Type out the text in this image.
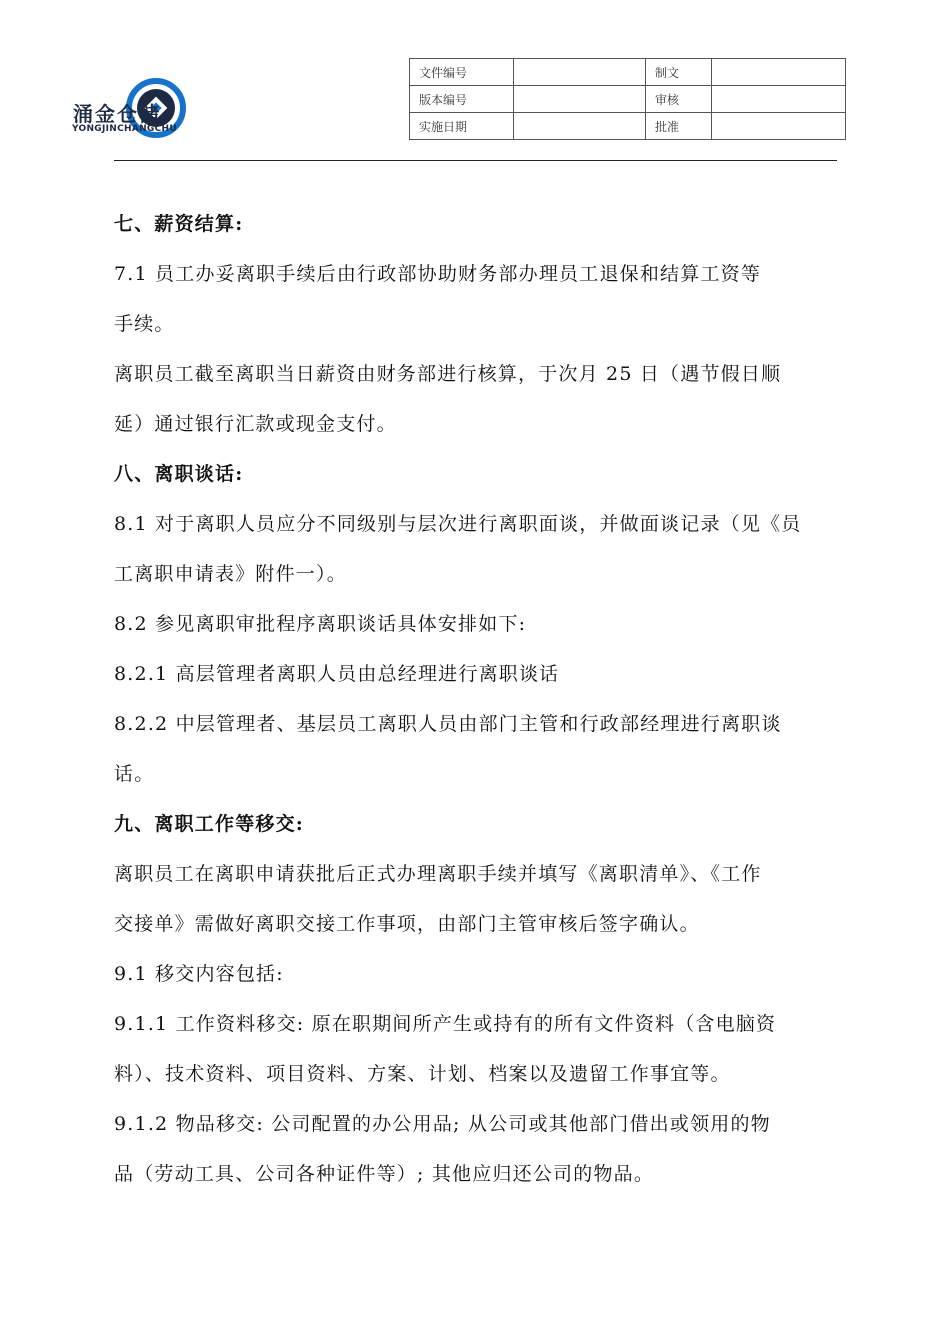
涌金仓储
YONGJINCHANGCHU
文件编号		制文	
版本编号		审核	
实施日期		批准	

七、薪资结算:

7.1 员工办妥离职手续后由行政部协助财务部办理员工退保和结算工资等

手续。

离职员工截至离职当日薪资由财务部进行核算，于次月 25 日（遇节假日顺

延）通过银行汇款或现金支付。

八、离职谈话:

8.1 对于离职人员应分不同级别与层次进行离职面谈，并做面谈记录（见《员

工离职申请表》附件一）。

8.2 参见离职审批程序离职谈话具体安排如下:

8.2.1 高层管理者离职人员由总经理进行离职谈话

8.2.2 中层管理者、基层员工离职人员由部门主管和行政部经理进行离职谈

话。

九、离职工作等移交:

离职员工在离职申请获批后正式办理离职手续并填写《离职清单》、《工作

交接单》需做好离职交接工作事项，由部门主管审核后签字确认。

9.1 移交内容包括:

9.1.1 工作资料移交: 原在职期间所产生或持有的所有文件资料（含电脑资

料）、技术资料、项目资料、方案、计划、档案以及遗留工作事宜等。

9.1.2 物品移交: 公司配置的办公用品; 从公司或其他部门借出或领用的物

品（劳动工具、公司各种证件等）; 其他应归还公司的物品。
